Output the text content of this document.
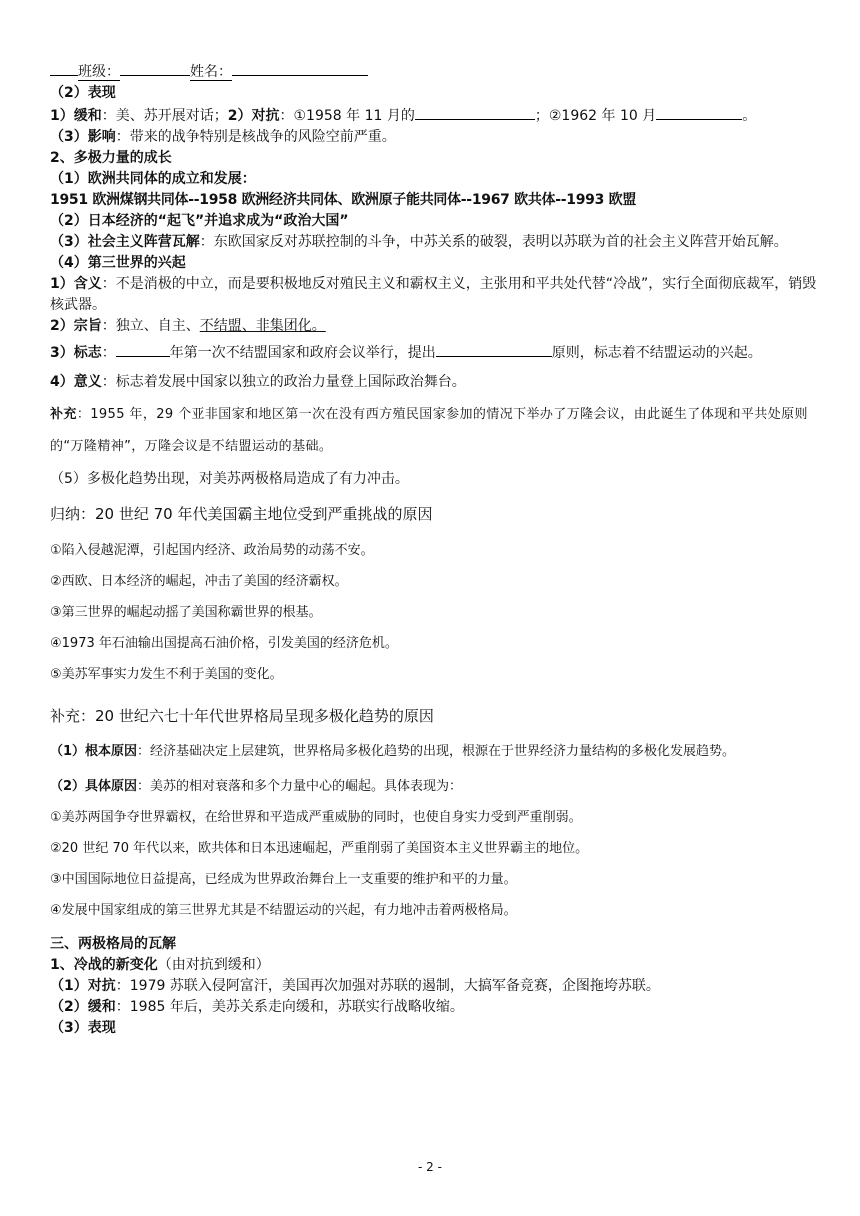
班级：	姓名：
（2）表现
1）缓和：美、苏开展对话；2）对抗：①1958 年 11 月的	；②1962 年 10 月	。
（3）影响：带来的战争特别是核战争的风险空前严重。
2、多极力量的成长
（1）欧洲共同体的成立和发展：
1951 欧洲煤钢共同体--1958 欧洲经济共同体、欧洲原子能共同体--1967 欧共体--1993 欧盟
（2）日本经济的“起飞”并追求成为“政治大国”
（3）社会主义阵营瓦解：东欧国家反对苏联控制的斗争，中苏关系的破裂，表明以苏联为首的社会主义阵营开始瓦解。
（4）第三世界的兴起
1）含义：不是消极的中立，而是要积极地反对殖民主义和霸权主义，主张用和平共处代替“冷战”，实行全面彻底裁军，销毁核武器。
2）宗旨：独立、自主、不结盟、非集团化。
3）标志：	年第一次不结盟国家和政府会议举行，提出	原则，标志着不结盟运动的兴起。
4）意义：标志着发展中国家以独立的政治力量登上国际政治舞台。
补充：1955 年，29 个亚非国家和地区第一次在没有西方殖民国家参加的情况下举办了万隆会议，由此诞生了体现和平共处原则的“万隆精神”，万隆会议是不结盟运动的基础。
（5）多极化趋势出现，对美苏两极格局造成了有力冲击。
归纳：20 世纪 70 年代美国霸主地位受到严重挑战的原因
①陷入侵越泥潭，引起国内经济、政治局势的动荡不安。
②西欧、日本经济的崛起，冲击了美国的经济霸权。
③第三世界的崛起动摇了美国称霸世界的根基。
④1973 年石油输出国提高石油价格，引发美国的经济危机。
⑤美苏军事实力发生不利于美国的变化。
补充：20 世纪六七十年代世界格局呈现多极化趋势的原因
（1）根本原因：经济基础决定上层建筑，世界格局多极化趋势的出现，根源在于世界经济力量结构的多极化发展趋势。
（2）具体原因：美苏的相对衰落和多个力量中心的崛起。具体表现为：
①美苏两国争夺世界霸权，在给世界和平造成严重威胁的同时，也使自身实力受到严重削弱。
②20 世纪 70 年代以来，欧共体和日本迅速崛起，严重削弱了美国资本主义世界霸主的地位。
③中国国际地位日益提高，已经成为世界政治舞台上一支重要的维护和平的力量。
④发展中国家组成的第三世界尤其是不结盟运动的兴起，有力地冲击着两极格局。
三、两极格局的瓦解
1、冷战的新变化（由对抗到缓和）
（1）对抗：1979 苏联入侵阿富汗，美国再次加强对苏联的遏制，大搞军备竞赛，企图拖垮苏联。
（2）缓和：1985 年后，美苏关系走向缓和，苏联实行战略收缩。
（3）表现
- 2 -
